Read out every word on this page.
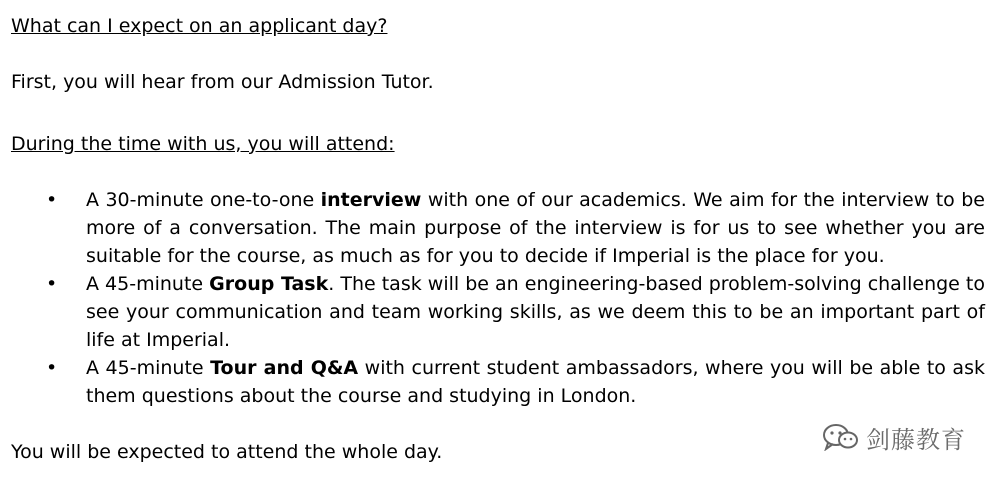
What can I expect on an applicant day?
First, you will hear from our Admission Tutor.
During the time with us, you will attend:
• A 30-minute one-to-one interview with one of our academics. We aim for the interview to be more of a conversation. The main purpose of the interview is for us to see whether you are suitable for the course, as much as for you to decide if Imperial is the place for you.
• A 45-minute Group Task. The task will be an engineering-based problem-solving challenge to see your communication and team working skills, as we deem this to be an important part of life at Imperial.
• A 45-minute Tour and Q&A with current student ambassadors, where you will be able to ask them questions about the course and studying in London.
You will be expected to attend the whole day.	剑藤教育
